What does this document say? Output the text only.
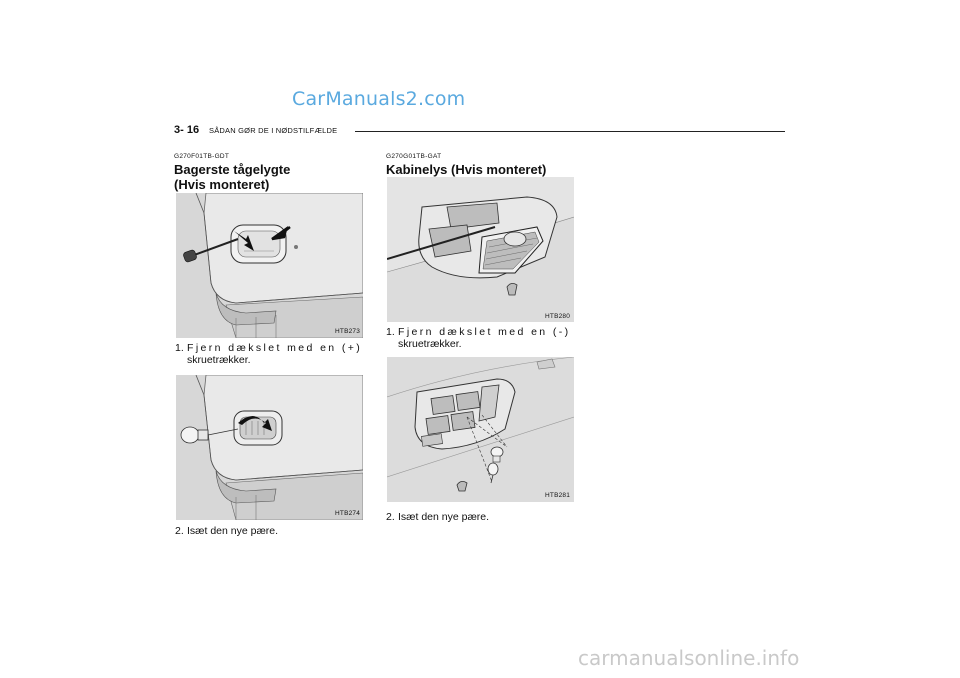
CarManuals2.com
3- 16 SÅDAN GØR DE I NØDSTILFÆLDE
G270F01TB-GDT
Bagerste tågelygte
(Hvis monteret)
HTB273
1. Fjern dækslet med en (+)
skruetrækker.
HTB274
2. Isæt den nye pære.
G270G01TB-GAT
Kabinelys (Hvis monteret)
HTB280
1. Fjern dækslet med en (-)
skruetrækker.
HTB281
2. Isæt den nye pære.
carmanualsonline.info
